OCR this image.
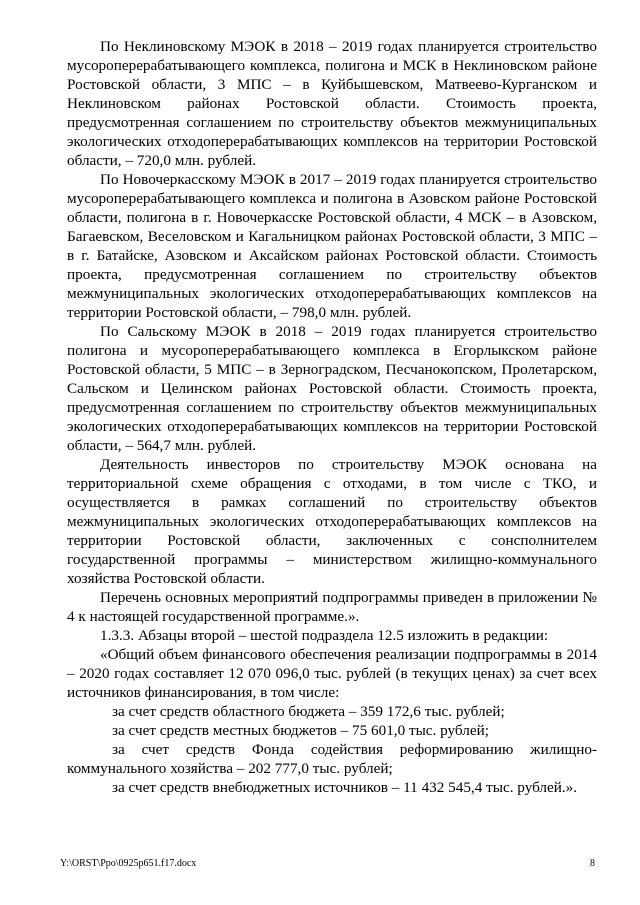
По Неклиновскому МЭОК в 2018 – 2019 годах планируется строительство мусороперерабатывающего комплекса, полигона и МСК в Неклиновском районе Ростовской области, 3 МПС – в Куйбышевском, Матвеево-Курганском и Неклиновском районах Ростовской области. Стоимость проекта, предусмотренная соглашением по строительству объектов межмуниципальных экологических отходоперерабатывающих комплексов на территории Ростовской области, – 720,0 млн. рублей.

По Новочеркасскому МЭОК в 2017 – 2019 годах планируется строительство мусороперерабатывающего комплекса и полигона в Азовском районе Ростовской области, полигона в г. Новочеркасске Ростовской области, 4 МСК – в Азовском, Багаевском, Веселовском и Кагальницком районах Ростовской области, 3 МПС – в г. Батайске, Азовском и Аксайском районах Ростовской области. Стоимость проекта, предусмотренная соглашением по строительству объектов межмуниципальных экологических отходоперерабатывающих комплексов на территории Ростовской области, – 798,0 млн. рублей.

По Сальскому МЭОК в 2018 – 2019 годах планируется строительство полигона и мусороперерабатывающего комплекса в Егорлыкском районе Ростовской области, 5 МПС – в Зерноградском, Песчанокопском, Пролетарском, Сальском и Целинском районах Ростовской области. Стоимость проекта, предусмотренная соглашением по строительству объектов межмуниципальных экологических отходоперерабатывающих комплексов на территории Ростовской области, – 564,7 млн. рублей.

Деятельность инвесторов по строительству МЭОК основана на территориальной схеме обращения с отходами, в том числе с ТКО, и осуществляется в рамках соглашений по строительству объектов межмуниципальных экологических отходоперерабатывающих комплексов на территории Ростовской области, заключенных с сонсполнителем государственной программы – министерством жилищно-коммунального хозяйства Ростовской области.

Перечень основных мероприятий подпрограммы приведен в приложении № 4 к настоящей государственной программе.».

1.3.3. Абзацы второй – шестой подраздела 12.5 изложить в редакции:

«Общий объем финансового обеспечения реализации подпрограммы в 2014 – 2020 годах составляет 12 070 096,0 тыс. рублей (в текущих ценах) за счет всех источников финансирования, в том числе:

за счет средств областного бюджета – 359 172,6 тыс. рублей;

за счет средств местных бюджетов – 75 601,0 тыс. рублей;

за счет средств Фонда содействия реформированию жилищно-коммунального хозяйства – 202 777,0 тыс. рублей;

за счет средств внебюджетных источников – 11 432 545,4 тыс. рублей.».

Y:\ORST\Ppo\0925p651.f17.docx	8
